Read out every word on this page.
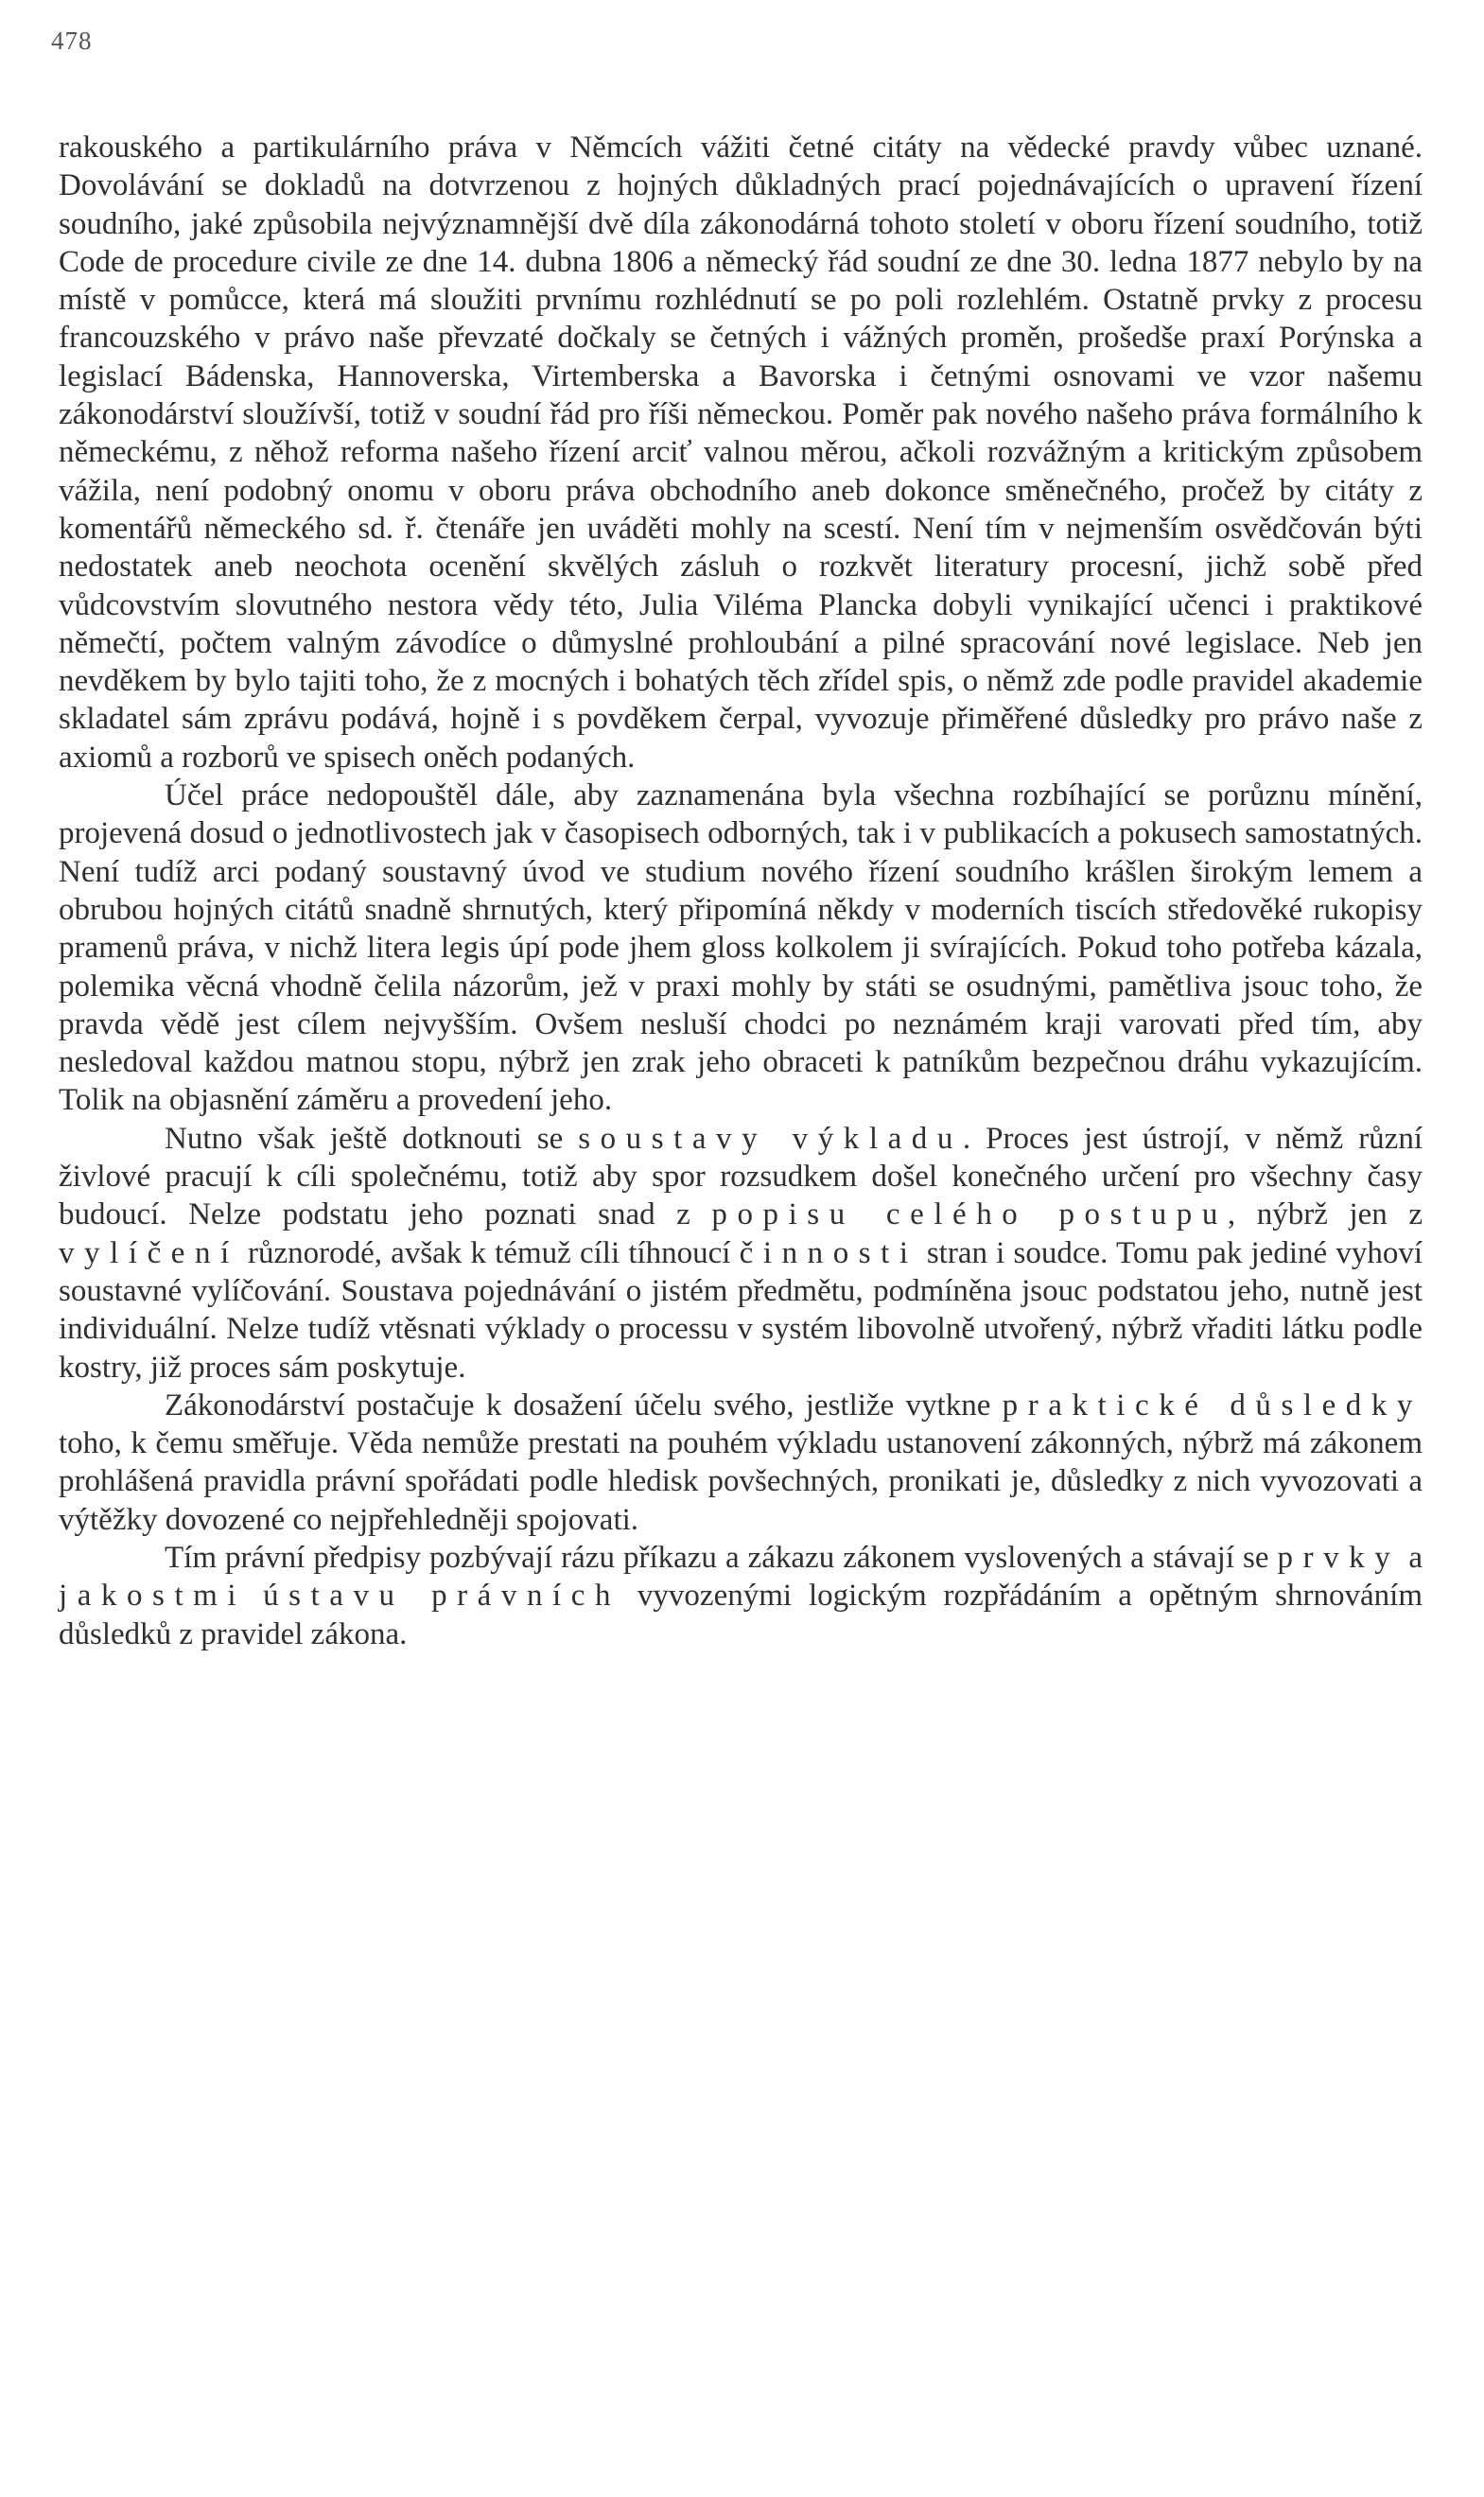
478

rakouského a partikulárního práva v Němcích vážiti četné citáty na vědecké pravdy vůbec uznané. Dovolávání se dokladů na dotvrzenou z hojných důkladných prací pojednávajících o upravení řízení soudního, jaké způsobila nejvýznamnější dvě díla zákonodárná tohoto století v oboru řízení soudního, totiž Code de procedure civile ze dne 14. dubna 1806 a německý řád soudní ze dne 30. ledna 1877 nebylo by na místě v pomůcce, která má sloužiti prvnímu rozhlédnutí se po poli rozlehlém. Ostatně prvky z procesu francouzského v právo naše převzaté dočkaly se četných i vážných proměn, prošedše praxí Porýnska a legislací Bádenska, Hannoverska, Virtemberska a Bavorska i četnými osnovami ve vzor našemu zákonodárství sloužívší, totiž v soudní řád pro říši německou. Poměr pak nového našeho práva formálního k německému, z něhož reforma našeho řízení arciť valnou měrou, ačkoli rozvážným a kritickým způsobem vážila, není podobný onomu v oboru práva obchodního aneb dokonce směnečného, pročež by citáty z komentářů německého sd. ř. čtenáře jen uváděti mohly na scestí. Není tím v nejmenším osvědčován býti nedostatek aneb neochota ocenění skvělých zásluh o rozkvět literatury procesní, jichž sobě před vůdcovstvím slovutného nestora vědy této, Julia Viléma Plancka dobyli vynikající učenci i praktikové němečtí, počtem valným závodíce o důmyslné prohloubání a pilné spracování nové legislace. Neb jen nevděkem by bylo tajiti toho, že z mocných i bohatých těch zřídel spis, o němž zde podle pravidel akademie skladatel sám zprávu podává, hojně i s povděkem čerpal, vyvozuje přiměřené důsledky pro právo naše z axiomů a rozborů ve spisech oněch podaných.

Účel práce nedopouštěl dále, aby zaznamenána byla všechna rozbíhající se porůznu mínění, projevená dosud o jednotlivostech jak v časopisech odborných, tak i v publikacích a pokusech samostatných. Není tudíž arci podaný soustavný úvod ve studium nového řízení soudního krášlen širokým lemem a obrubou hojných citátů snadně shrnutých, který připomíná někdy v moderních tiscích středověké rukopisy pramenů práva, v nichž litera legis úpí pode jhem gloss kolkolem ji svírajících. Pokud toho potřeba kázala, polemika věcná vhodně čelila názorům, jež v praxi mohly by státi se osudnými, pamětliva jsouc toho, že pravda vědě jest cílem nejvyšším. Ovšem nesluší chodci po neznámém kraji varovati před tím, aby nesledoval každou matnou stopu, nýbrž jen zrak jeho obraceti k patníkům bezpečnou dráhu vykazujícím. Tolik na objasnění záměru a provedení jeho.

Nutno však ještě dotknouti se soustavy výkladu. Proces jest ústrojí, v němž různí živlové pracují k cíli společnému, totiž aby spor rozsudkem došel konečného určení pro všechny časy budoucí. Nelze podstatu jeho poznati snad z popisu celého postupu, nýbrž jen z vylíčení různorodé, avšak k témuž cíli tíhnoucí činnosti stran i soudce. Tomu pak jediné vyhoví soustavné vylíčování. Soustava pojednávání o jistém předmětu, podmíněna jsouc podstatou jeho, nutně jest individuální. Nelze tudíž vtěsnati výklady o processu v systém libovolně utvořený, nýbrž vřaditi látku podle kostry, již proces sám poskytuje.

Zákonodárství postačuje k dosažení účelu svého, jestliže vytkne praktické důsledky toho, k čemu směřuje. Věda nemůže prestati na pouhém výkladu ustanovení zákonných, nýbrž má zákonem prohlášená pravidla právní spořádati podle hledisk povšechných, pronikati je, důsledky z nich vyvozovati a výtěžky dovozené co nejpřehledněji spojovati.

Tím právní předpisy pozbývají rázu příkazu a zákazu zákonem vyslovených a stávají se prvky a jakostmi ústavu právních vyvozenými logickým rozpřádáním a opětným shrnováním důsledků z pravidel zákona.
